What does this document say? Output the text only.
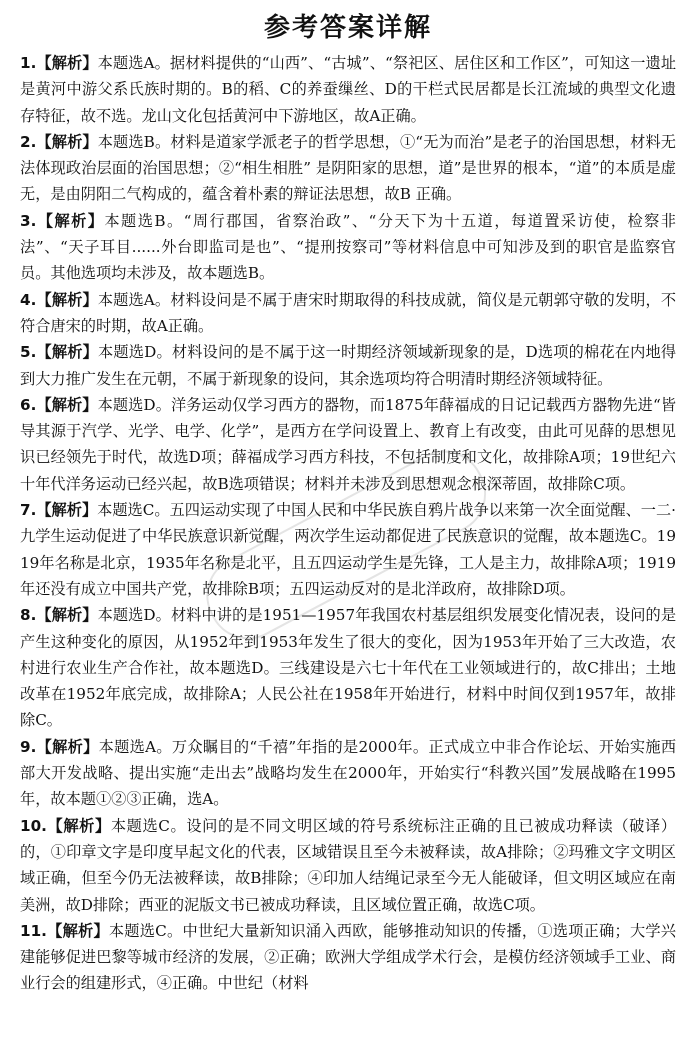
参考答案详解

1.【解析】本题选A。据材料提供的“山西”、“古城”、“祭祀区、居住区和工作区”，可知这一遗址是黄河中游父系氏族时期的。B的稻、C的养蚕缫丝、D的干栏式民居都是长江流域的典型文化遗存特征，故不选。龙山文化包括黄河中下游地区，故A正确。

2.【解析】本题选B。材料是道家学派老子的哲学思想，①“无为而治”是老子的治国思想，材料无法体现政治层面的治国思想；②“相生相胜” 是阴阳家的思想，道”是世界的根本，“道”的本质是虚无，是由阴阳二气构成的，蕴含着朴素的辩证法思想，故B 正确。

3.【解析】本题选B。“周行郡国，省察治政”、“分天下为十五道，每道置采访使，检察非法”、“天子耳目......外台即监司是也”、“提刑按察司”等材料信息中可知涉及到的职官是监察官员。其他选项均未涉及，故本题选B。

4.【解析】本题选A。材料设问是不属于唐宋时期取得的科技成就，简仪是元朝郭守敬的发明，不符合唐宋的时期，故A正确。

5.【解析】本题选D。材料设问的是不属于这一时期经济领域新现象的是，D选项的棉花在内地得到大力推广发生在元朝，不属于新现象的设问，其余选项均符合明清时期经济领域特征。

6.【解析】本题选D。洋务运动仅学习西方的器物，而1875年薛福成的日记记载西方器物先进“皆导其源于汽学、光学、电学、化学”，是西方在学问设置上、教育上有改变，由此可见薛的思想见识已经领先于时代，故选D项；薛福成学习西方科技，不包括制度和文化，故排除A项；19世纪六十年代洋务运动已经兴起，故B选项错误；材料并未涉及到思想观念根深蒂固，故排除C项。

7.【解析】本题选C。五四运动实现了中国人民和中华民族自鸦片战争以来第一次全面觉醒、一二·九学生运动促进了中华民族意识新觉醒，两次学生运动都促进了民族意识的觉醒，故本题选C。1919年名称是北京，1935年名称是北平，且五四运动学生是先锋，工人是主力，故排除A项；1919年还没有成立中国共产党，故排除B项；五四运动反对的是北洋政府，故排除D项。

8.【解析】本题选D。材料中讲的是1951—1957年我国农村基层组织发展变化情况表，设问的是产生这种变化的原因，从1952年到1953年发生了很大的变化，因为1953年开始了三大改造，农村进行农业生产合作社，故本题选D。三线建设是六七十年代在工业领域进行的，故C排出；土地改革在1952年底完成，故排除A；人民公社在1958年开始进行，材料中时间仅到1957年，故排除C。

9.【解析】本题选A。万众瞩目的“千禧”年指的是2000年。正式成立中非合作论坛、开始实施西部大开发战略、提出实施“走出去”战略均发生在2000年，开始实行“科教兴国”发展战略在1995年，故本题①②③正确，选A。

10.【解析】本题选C。设问的是不同文明区域的符号系统标注正确的且已被成功释读（破译）的，①印章文字是印度早起文化的代表，区域错误且至今未被释读，故A排除；②玛雅文字文明区域正确，但至今仍无法被释读，故B排除；④印加人结绳记录至今无人能破译，但文明区域应在南美洲，故D排除；西亚的泥版文书已被成功释读，且区域位置正确，故选C项。

11.【解析】本题选C。中世纪大量新知识涌入西欧，能够推动知识的传播，①选项正确；大学兴建能够促进巴黎等城市经济的发展，②正确；欧洲大学组成学术行会，是模仿经济领域手工业、商业行会的组建形式，④正确。中世纪（材料
